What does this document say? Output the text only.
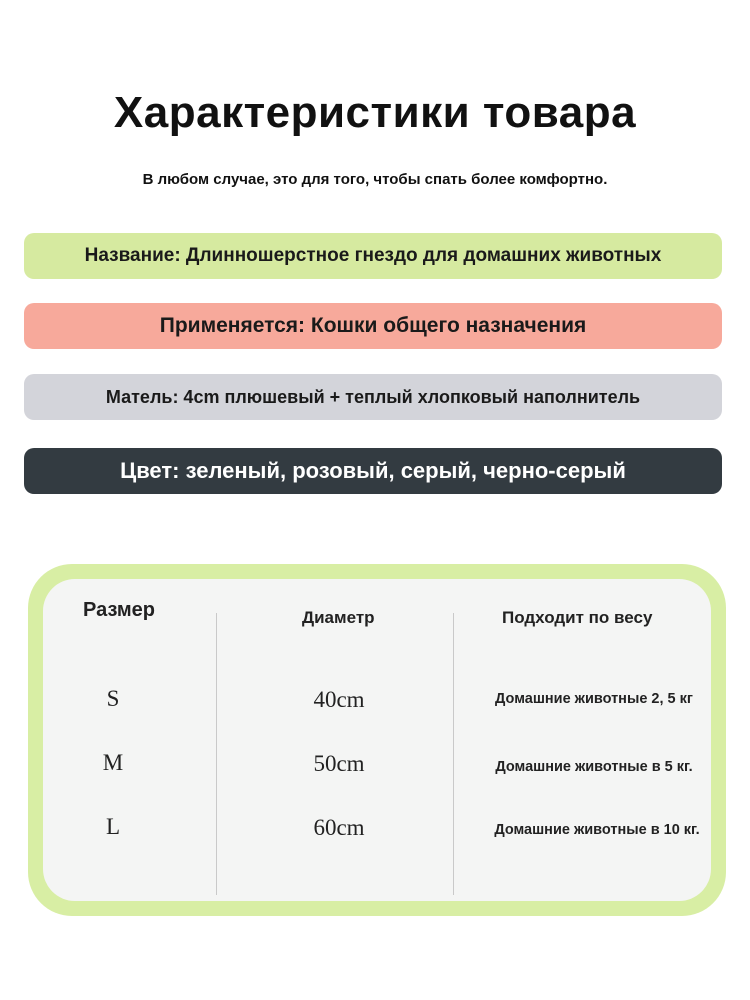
Характеристики товара
В любом случае, это для того, чтобы спать более комфортно.
Название: Длинношерстное гнездо для домашних животных
Применяется: Кошки общего назначения
Матель: 4cm плюшевый + теплый хлопковый наполнитель
Цвет: зеленый, розовый, серый, черно-серый
Размер	Диаметр	Подходит по весу
S	40cm	Домашние животные 2, 5 кг
M	50cm	Домашние животные в 5 кг.
L	60cm	Домашние животные в 10 кг.
